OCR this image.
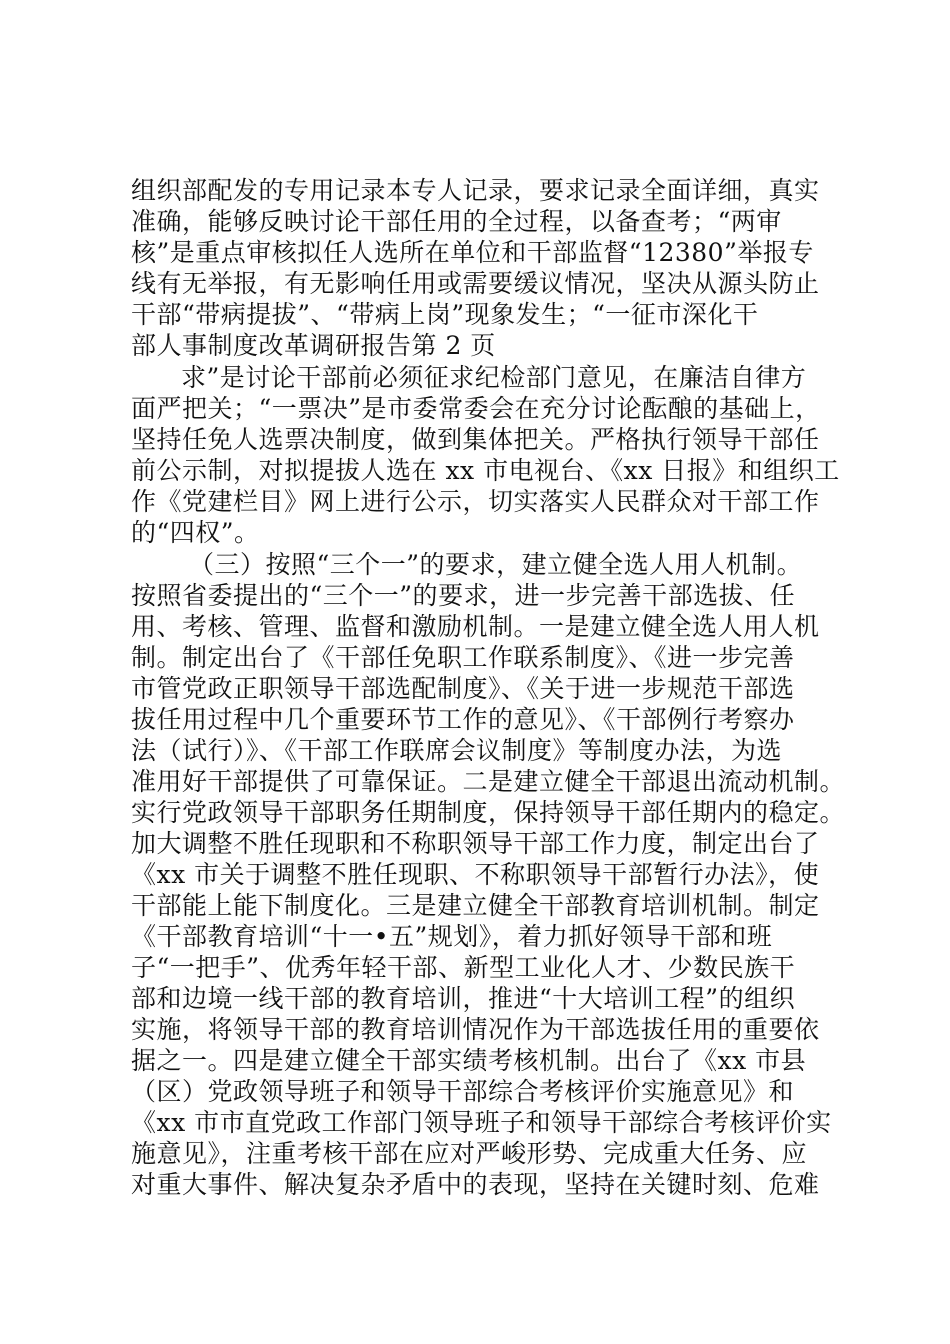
组织部配发的专用记录本专人记录，要求记录全面详细，真实
准确，能够反映讨论干部任用的全过程，以备查考；“两审
核”是重点审核拟任人选所在单位和干部监督“12380”举报专
线有无举报，有无影响任用或需要缓议情况，坚决从源头防止
干部“带病提拔”、“带病上岗”现象发生；“一征市深化干
部人事制度改革调研报告第 2 页
求”是讨论干部前必须征求纪检部门意见，在廉洁自律方
面严把关；“一票决”是市委常委会在充分讨论酝酿的基础上，
坚持任免人选票决制度，做到集体把关。严格执行领导干部任
前公示制，对拟提拔人选在 xx 市电视台、《xx 日报》和组织工
作《党建栏目》网上进行公示，切实落实人民群众对干部工作
的“四权”。
（三）按照“三个一”的要求，建立健全选人用人机制。
按照省委提出的“三个一”的要求，进一步完善干部选拔、任
用、考核、管理、监督和激励机制。一是建立健全选人用人机
制。制定出台了《干部任免职工作联系制度》、《进一步完善
市管党政正职领导干部选配制度》、《关于进一步规范干部选
拔任用过程中几个重要环节工作的意见》、《干部例行考察办
法（试行）》、《干部工作联席会议制度》等制度办法，为选
准用好干部提供了可靠保证。二是建立健全干部退出流动机制。
实行党政领导干部职务任期制度，保持领导干部任期内的稳定。
加大调整不胜任现职和不称职领导干部工作力度，制定出台了
《xx 市关于调整不胜任现职、不称职领导干部暂行办法》，使
干部能上能下制度化。三是建立健全干部教育培训机制。制定
《干部教育培训“十一•五”规划》，着力抓好领导干部和班
子“一把手”、优秀年轻干部、新型工业化人才、少数民族干
部和边境一线干部的教育培训，推进“十大培训工程”的组织
实施，将领导干部的教育培训情况作为干部选拔任用的重要依
据之一。四是建立健全干部实绩考核机制。出台了《xx 市县
（区）党政领导班子和领导干部综合考核评价实施意见》和
《xx 市市直党政工作部门领导班子和领导干部综合考核评价实
施意见》，注重考核干部在应对严峻形势、完成重大任务、应
对重大事件、解决复杂矛盾中的表现，坚持在关键时刻、危难
